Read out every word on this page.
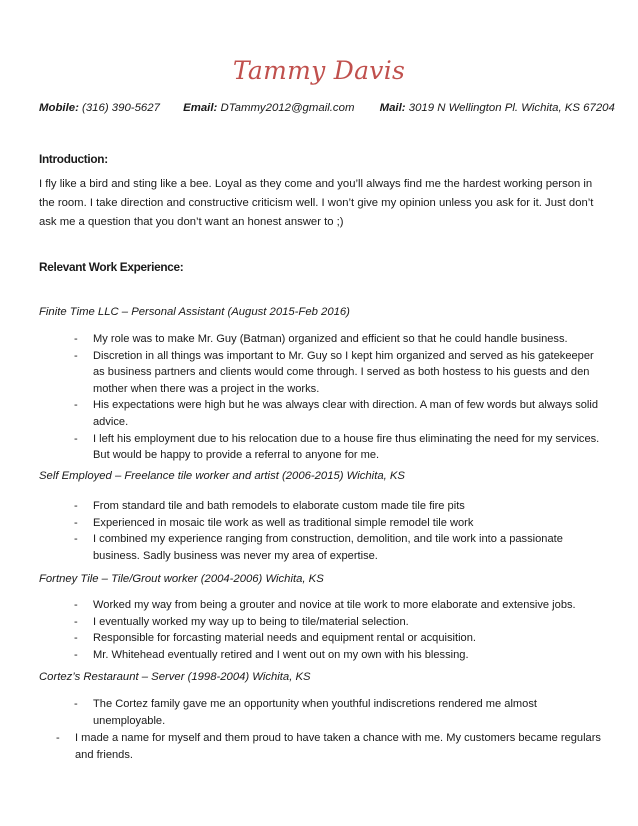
Tammy Davis
Mobile: (316) 390-5627 Email: DTammy2012@gmail.com Mail: 3019 N Wellington Pl. Wichita, KS 67204
Introduction:
I fly like a bird and sting like a bee. Loyal as they come and you’ll always find me the hardest working person in the room. I take direction and constructive criticism well. I won’t give my opinion unless you ask for it. Just don’t ask me a question that you don’t want an honest answer to ;)
Relevant Work Experience:
Finite Time LLC – Personal Assistant (August 2015-Feb 2016)
- My role was to make Mr. Guy (Batman) organized and efficient so that he could handle business.
- Discretion in all things was important to Mr. Guy so I kept him organized and served as his gatekeeper as business partners and clients would come through. I served as both hostess to his guests and den mother when there was a project in the works.
- His expectations were high but he was always clear with direction. A man of few words but always solid advice.
- I left his employment due to his relocation due to a house fire thus eliminating the need for my services. But would be happy to provide a referral to anyone for me.
Self Employed – Freelance tile worker and artist (2006-2015) Wichita, KS
- From standard tile and bath remodels to elaborate custom made tile fire pits
- Experienced in mosaic tile work as well as traditional simple remodel tile work
- I combined my experience ranging from construction, demolition, and tile work into a passionate business. Sadly business was never my area of expertise.
Fortney Tile – Tile/Grout worker (2004-2006) Wichita, KS
- Worked my way from being a grouter and novice at tile work to more elaborate and extensive jobs.
- I eventually worked my way up to being to tile/material selection.
- Responsible for forcasting material needs and equipment rental or acquisition.
- Mr. Whitehead eventually retired and I went out on my own with his blessing.
Cortez’s Restaraunt – Server (1998-2004) Wichita, KS
- The Cortez family gave me an opportunity when youthful indiscretions rendered me almost unemployable.
- I made a name for myself and them proud to have taken a chance with me. My customers became regulars and friends.
